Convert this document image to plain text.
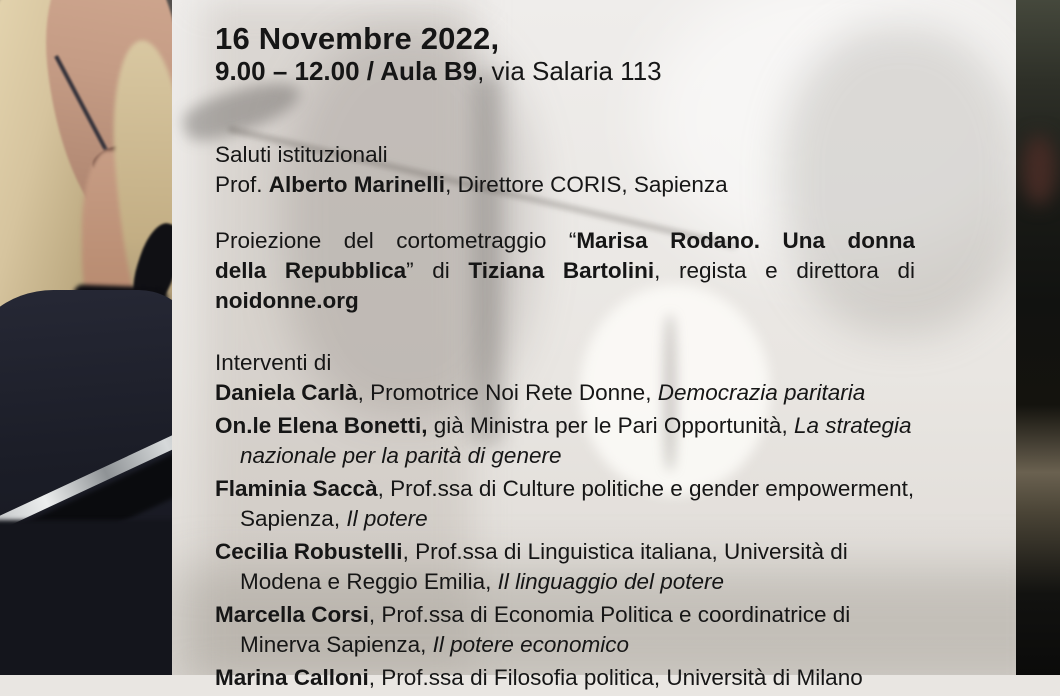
16 Novembre 2022,
9.00 – 12.00 / Aula B9, via Salaria 113
Saluti istituzionali
Prof. Alberto Marinelli, Direttore CORIS, Sapienza
Proiezione del cortometraggio “Marisa Rodano. Una donna
della Repubblica” di Tiziana Bartolini, regista e direttora di
noidonne.org
Interventi di
Daniela Carlà, Promotrice Noi Rete Donne, Democrazia paritaria
On.le Elena Bonetti, già Ministra per le Pari Opportunità, La strategia
nazionale per la parità di genere
Flaminia Saccà, Prof.ssa di Culture politiche e gender empowerment,
Sapienza, Il potere
Cecilia Robustelli, Prof.ssa di Linguistica italiana, Università di
Modena e Reggio Emilia, Il linguaggio del potere
Marcella Corsi, Prof.ssa di Economia Politica e coordinatrice di
Minerva Sapienza, Il potere economico
Marina Calloni, Prof.ssa di Filosofia politica, Università di Milano
